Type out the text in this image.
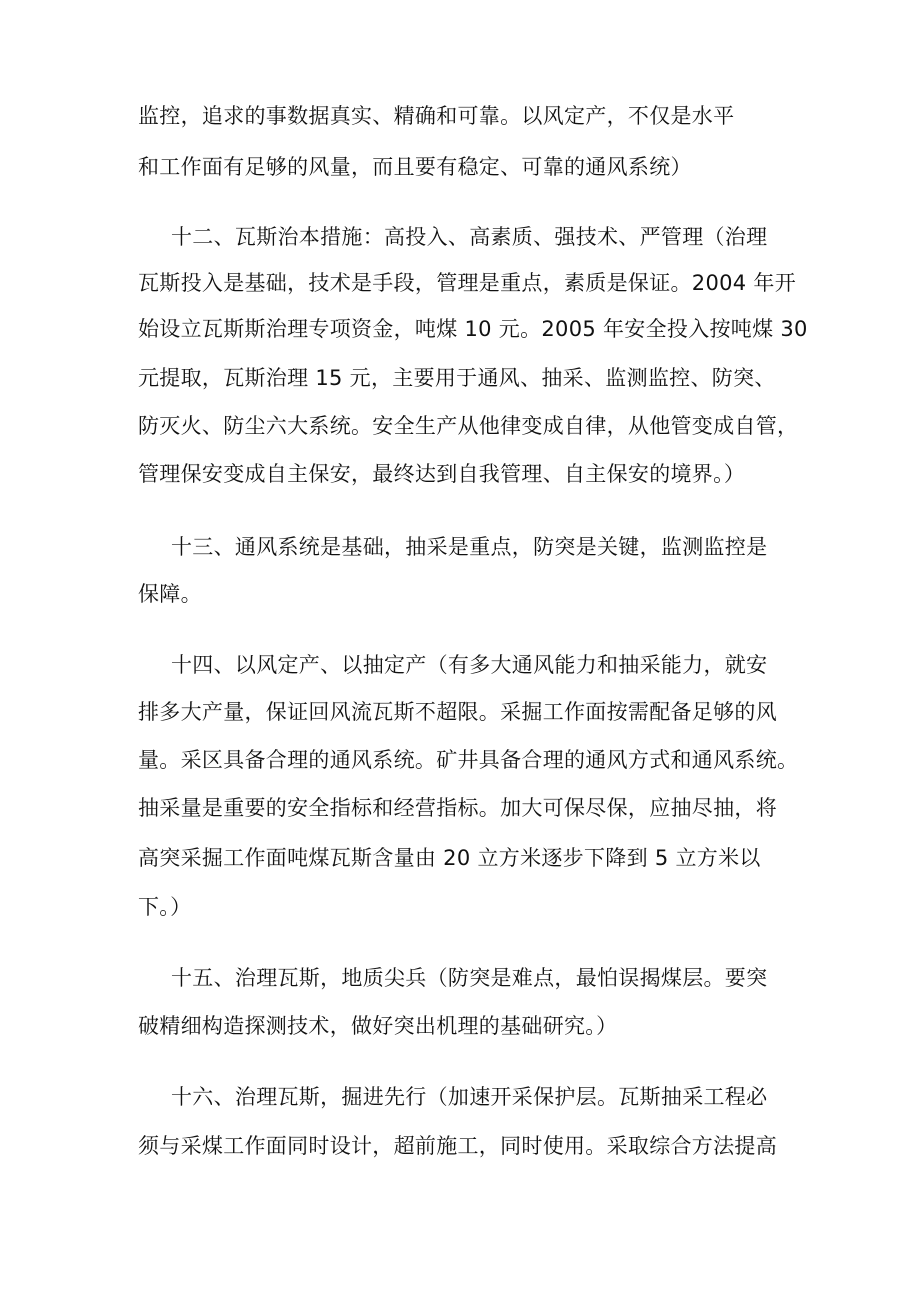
监控，追求的事数据真实、精确和可靠。以风定产，不仅是水平
和工作面有足够的风量，而且要有稳定、可靠的通风系统）
十二、瓦斯治本措施：高投入、高素质、强技术、严管理（治理
瓦斯投入是基础，技术是手段，管理是重点，素质是保证。2004 年开
始设立瓦斯斯治理专项资金，吨煤 10 元。2005 年安全投入按吨煤 30
元提取，瓦斯治理 15 元，主要用于通风、抽采、监测监控、防突、
防灭火、防尘六大系统。安全生产从他律变成自律，从他管变成自管，
管理保安变成自主保安，最终达到自我管理、自主保安的境界。）
十三、通风系统是基础，抽采是重点，防突是关键，监测监控是
保障。
十四、以风定产、以抽定产（有多大通风能力和抽采能力，就安
排多大产量，保证回风流瓦斯不超限。采掘工作面按需配备足够的风
量。采区具备合理的通风系统。矿井具备合理的通风方式和通风系统。
抽采量是重要的安全指标和经营指标。加大可保尽保，应抽尽抽，将
高突采掘工作面吨煤瓦斯含量由 20 立方米逐步下降到 5 立方米以
下。）
十五、治理瓦斯，地质尖兵（防突是难点，最怕误揭煤层。要突
破精细构造探测技术，做好突出机理的基础研究。）
十六、治理瓦斯，掘进先行（加速开采保护层。瓦斯抽采工程必
须与采煤工作面同时设计，超前施工，同时使用。采取综合方法提高
